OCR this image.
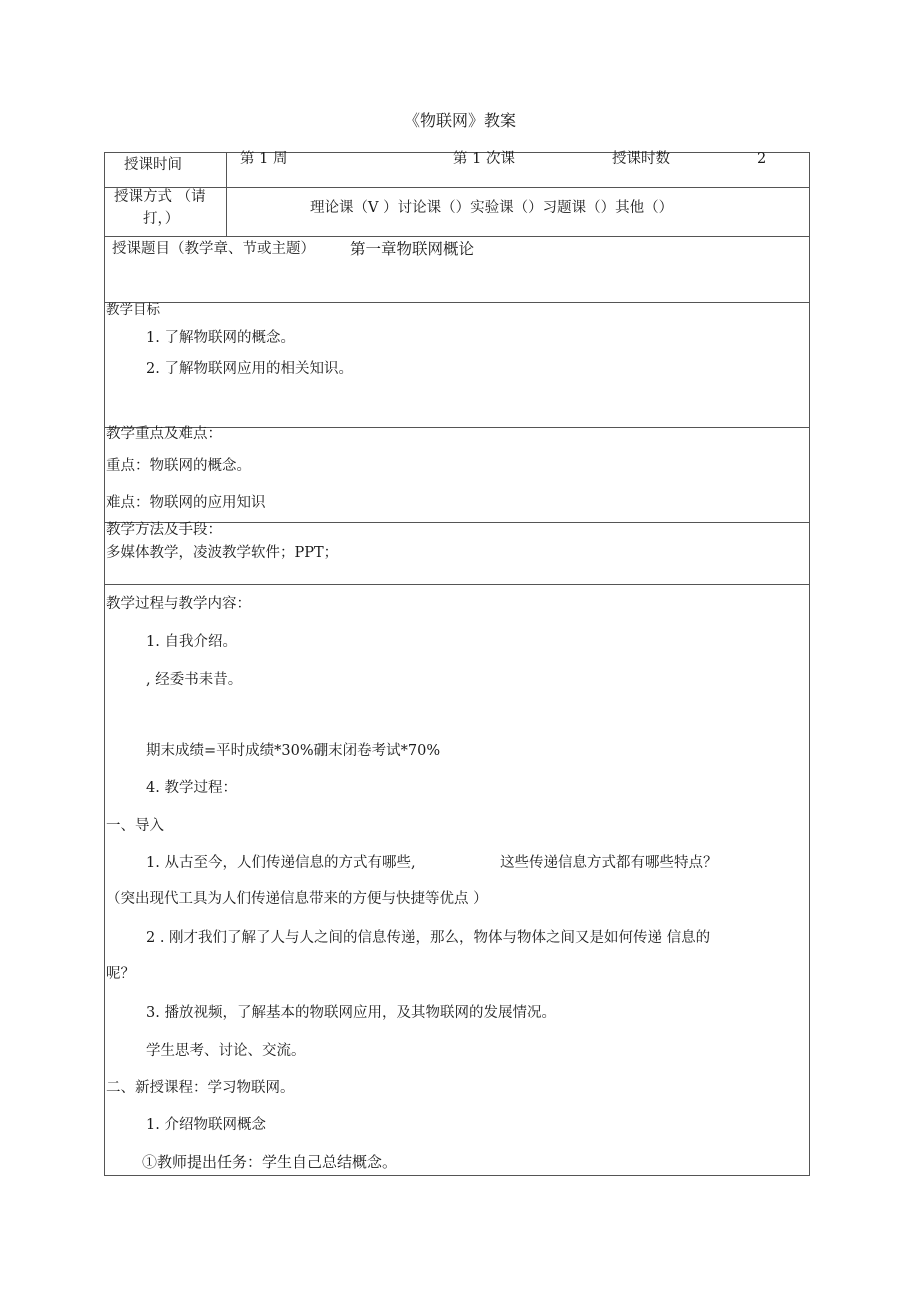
《物联网》教案
授课时间	第 1 周	第 1 次课	授课时数	2
授课方式 （请
打，）
理论课（V ）讨论课（）实验课（）习题课（）其他（）
授课题目（教学章、节或主题） 第一章物联网概论
教学目标
1. 了解物联网的概念。
2. 了解物联网应用的相关知识。
教学重点及难点：
重点：物联网的概念。
难点：物联网的应用知识
教学方法及手段：
多媒体教学，凌波教学软件；PPT；
教学过程与教学内容：
1. 自我介绍。
, 经委书耒昔。
期末成绩=平时成绩*30%硼末闭卷考试*70%
4. 教学过程：
一、导入
1. 从古至今，人们传递信息的方式有哪些,	这些传递信息方式都有哪些特点？
（突出现代工具为人们传递信息带来的方便与快捷等优点 ）
2 . 刚才我们了解了人与人之间的信息传递，那么，物体与物体之间又是如何传递 信息的
呢？
3. 播放视频，了解基本的物联网应用，及其物联网的发展情况。
学生思考、讨论、交流。
二、新授课程：学习物联网。
1. 介绍物联网概念
①教师提出任务：学生自己总结概念。
